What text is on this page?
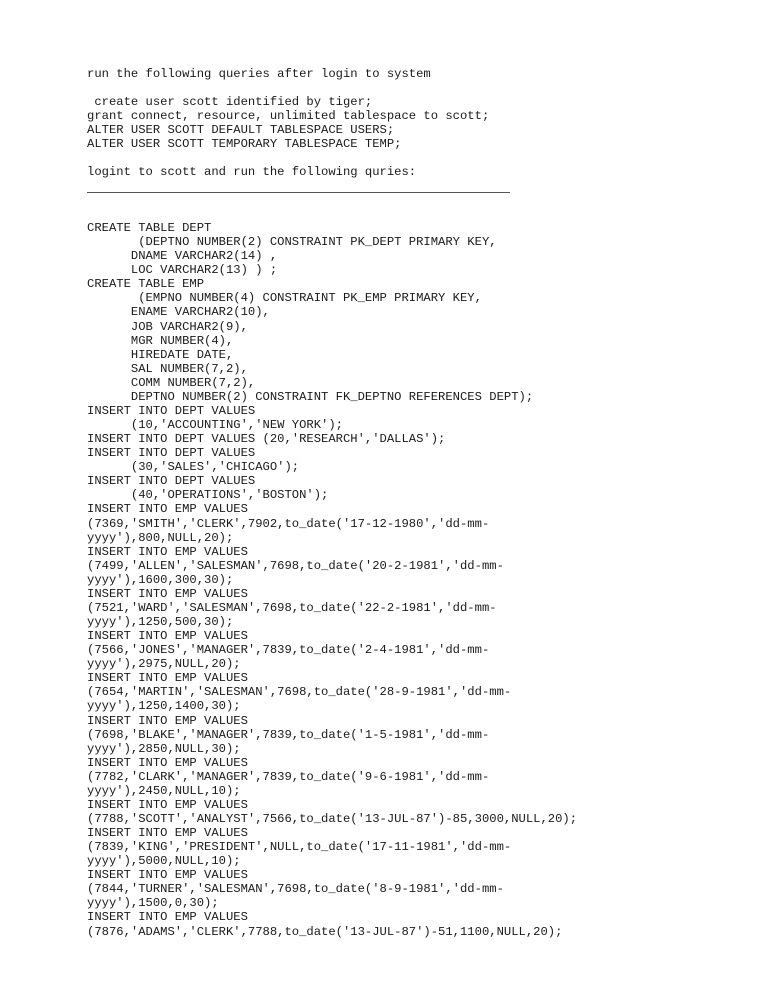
run the following queries after login to system

create user scott identified by tiger;

grant connect, resource, unlimited tablespace to scott;

ALTER USER SCOTT DEFAULT TABLESPACE USERS;

ALTER USER SCOTT TEMPORARY TABLESPACE TEMP;

logint to scott and run the following quries:

CREATE TABLE DEPT

(DEPTNO NUMBER(2) CONSTRAINT PK_DEPT PRIMARY KEY,

DNAME VARCHAR2(14) ,

LOC VARCHAR2(13) ) ;

CREATE TABLE EMP

(EMPNO NUMBER(4) CONSTRAINT PK_EMP PRIMARY KEY,

ENAME VARCHAR2(10),

JOB VARCHAR2(9),

MGR NUMBER(4),

HIREDATE DATE,

SAL NUMBER(7,2),

COMM NUMBER(7,2),

DEPTNO NUMBER(2) CONSTRAINT FK_DEPTNO REFERENCES DEPT);

INSERT INTO DEPT VALUES

(10,'ACCOUNTING','NEW YORK');

INSERT INTO DEPT VALUES (20,'RESEARCH','DALLAS');

INSERT INTO DEPT VALUES

(30,'SALES','CHICAGO');

INSERT INTO DEPT VALUES

(40,'OPERATIONS','BOSTON');

INSERT INTO EMP VALUES

(7369,'SMITH','CLERK',7902,to_date('17-12-1980','dd-mm-

yyyy'),800,NULL,20);

INSERT INTO EMP VALUES

(7499,'ALLEN','SALESMAN',7698,to_date('20-2-1981','dd-mm-

yyyy'),1600,300,30);

INSERT INTO EMP VALUES

(7521,'WARD','SALESMAN',7698,to_date('22-2-1981','dd-mm-

yyyy'),1250,500,30);

INSERT INTO EMP VALUES

(7566,'JONES','MANAGER',7839,to_date('2-4-1981','dd-mm-

yyyy'),2975,NULL,20);

INSERT INTO EMP VALUES

(7654,'MARTIN','SALESMAN',7698,to_date('28-9-1981','dd-mm-

yyyy'),1250,1400,30);

INSERT INTO EMP VALUES

(7698,'BLAKE','MANAGER',7839,to_date('1-5-1981','dd-mm-

yyyy'),2850,NULL,30);

INSERT INTO EMP VALUES

(7782,'CLARK','MANAGER',7839,to_date('9-6-1981','dd-mm-

yyyy'),2450,NULL,10);

INSERT INTO EMP VALUES

(7788,'SCOTT','ANALYST',7566,to_date('13-JUL-87')-85,3000,NULL,20);

INSERT INTO EMP VALUES

(7839,'KING','PRESIDENT',NULL,to_date('17-11-1981','dd-mm-

yyyy'),5000,NULL,10);

INSERT INTO EMP VALUES

(7844,'TURNER','SALESMAN',7698,to_date('8-9-1981','dd-mm-

yyyy'),1500,0,30);

INSERT INTO EMP VALUES

(7876,'ADAMS','CLERK',7788,to_date('13-JUL-87')-51,1100,NULL,20);
